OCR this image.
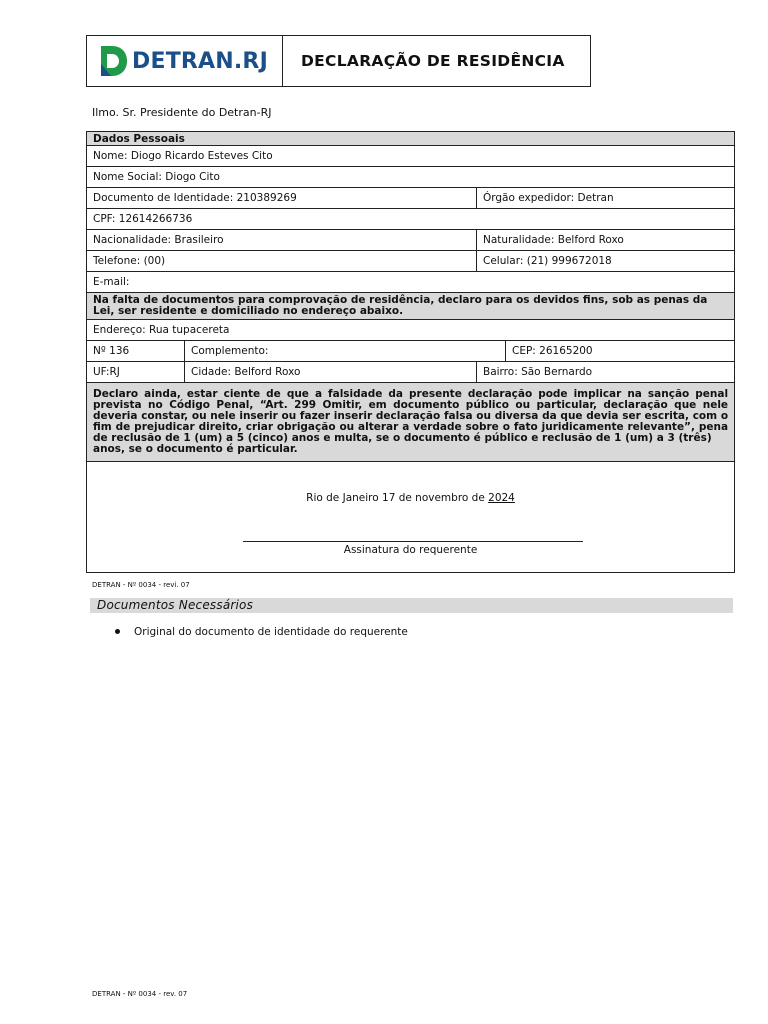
DETRAN.RJ	DECLARAÇÃO DE RESIDÊNCIA
Ilmo. Sr. Presidente do Detran-RJ
Dados Pessoais			
Nome: Diogo Ricardo Esteves Cito			
Nome Social: Diogo Cito			
Documento de Identidade: 210389269		Órgão expedidor: Detran	
CPF: 12614266736			
Nacionalidade: Brasileiro		Naturalidade: Belford Roxo	
Telefone: (00)		Celular: (21) 999672018	
E-mail:			
Na falta de documentos para comprovação de residência, declaro para os devidos fins, sob as penas da Lei, ser residente e domiciliado no endereço abaixo.			
Endereço: Rua tupacereta			
Nº 136	Complemento:		CEP: 26165200
UF:RJ	Cidade: Belford Roxo	Bairro: São Bernardo	

Declaro ainda, estar ciente de que a falsidade da presente declaração pode implicar na sanção penal prevista no Código Penal, “Art. 299 Omitir, em documento público ou particular, declaração que nele deveria constar, ou nele inserir ou fazer inserir declaração falsa ou diversa da que devia ser escrita, com o fim de prejudicar direito, criar obrigação ou alterar a verdade sobre o fato juridicamente relevante”, pena de reclusão de 1 (um) a 5 (cinco) anos e multa, se o documento é público e reclusão de 1 (um) a 3 (três)
anos, se o documento é particular.			

Rio de Janeiro 17 de novembro de 2024
Assinatura do requerente			
DETRAN - Nº 0034 - revi. 07
Documentos Necessários
Original do documento de identidade do requerente
DETRAN - Nº 0034 - rev. 07
